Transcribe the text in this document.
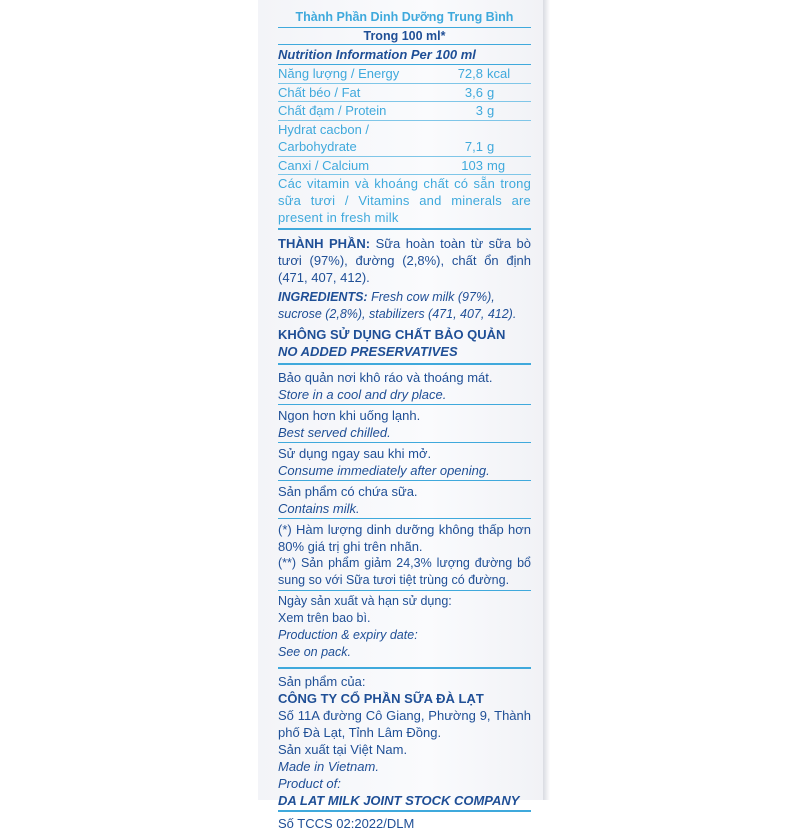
Thành Phần Dinh Dưỡng Trung Bình
Trong 100 ml*
Nutrition Information Per 100 ml
Năng lượng / Energy	72,8 kcal
Chất béo / Fat	3,6 g
Chất đạm / Protein	3 g
Hydrat cacbon /
Carbohydrate	7,1 g
Canxi / Calcium	103 mg
Các vitamin và khoáng chất có sẵn trong sữa tươi / Vitamins and minerals are present in fresh milk
THÀNH PHẦN: Sữa hoàn toàn từ sữa bò tươi (97%), đường (2,8%), chất ổn định (471, 407, 412).
INGREDIENTS: Fresh cow milk (97%), sucrose (2,8%), stabilizers (471, 407, 412).
KHÔNG SỬ DỤNG CHẤT BẢO QUẢN
NO ADDED PRESERVATIVES
Bảo quản nơi khô ráo và thoáng mát.
Store in a cool and dry place.
Ngon hơn khi uống lạnh.
Best served chilled.
Sử dụng ngay sau khi mở.
Consume immediately after opening.
Sản phẩm có chứa sữa.
Contains milk.
(*) Hàm lượng dinh dưỡng không thấp hơn 80% giá trị ghi trên nhãn.
(**) Sản phẩm giảm 24,3% lượng đường bổ sung so với Sữa tươi tiệt trùng có đường.
Ngày sản xuất và hạn sử dụng:
Xem trên bao bì.
Production & expiry date:
See on pack.
Sản phẩm của:
CÔNG TY CỔ PHẦN SỮA ĐÀ LẠT
Số 11A đường Cô Giang, Phường 9, Thành phố Đà Lạt, Tỉnh Lâm Đồng.
Sản xuất tại Việt Nam.
Made in Vietnam.
Product of:
DA LAT MILK JOINT STOCK COMPANY
Số TCCS 02:2022/DLM
